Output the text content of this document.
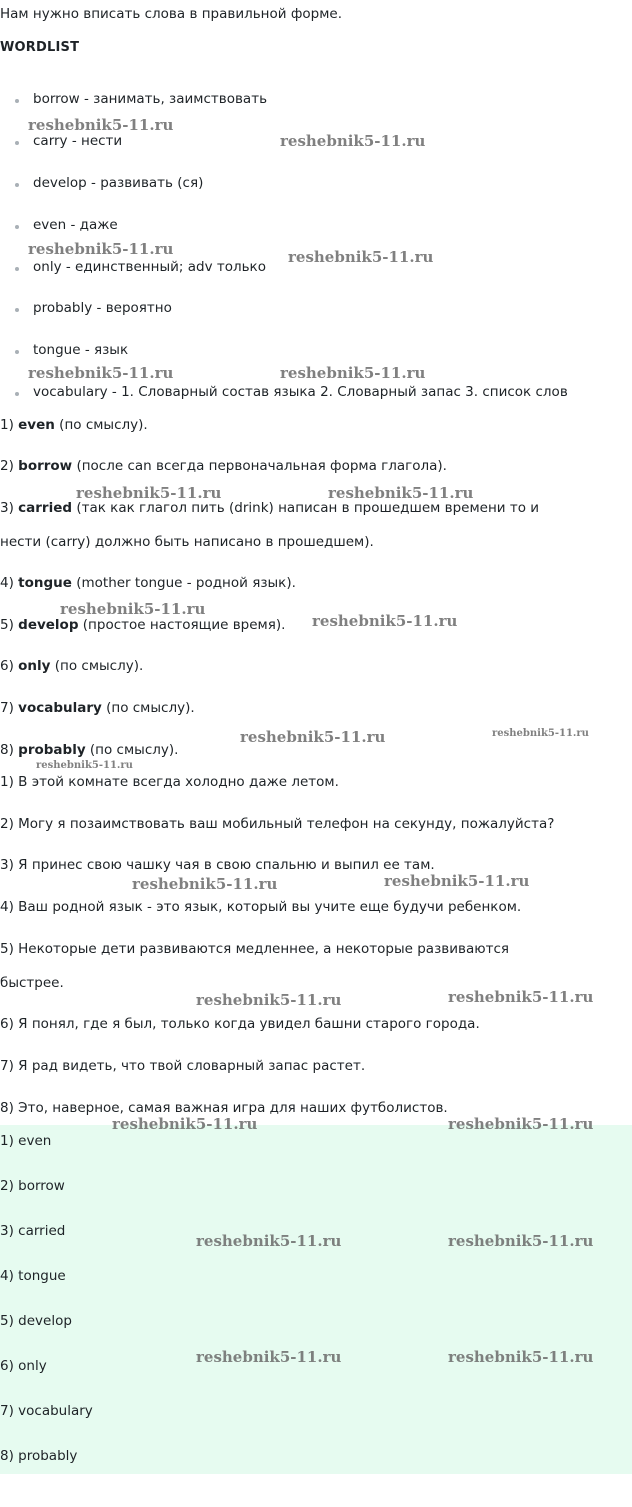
Нам нужно вписать слова в правильной форме.
WORDLIST
borrow - занимать, заимствовать
carry - нести
develop - развивать (ся)
even - даже
only - единственный; adv только
probably - вероятно
tongue - язык
vocabulary - 1. Словарный состав языка 2. Словарный запас 3. список слов
1) even (по смыслу).
2) borrow (после can всегда первоначальная форма глагола).
3) carried (так как глагол пить (drink) написан в прошедшем времени то и
нести (carry) должно быть написано в прошедшем).
4) tongue (mother tongue - родной язык).
5) develop (простое настоящие время).
6) only (по смыслу).
7) vocabulary (по смыслу).
8) probably (по смыслу).
1) В этой комнате всегда холодно даже летом.
2) Могу я позаимствовать ваш мобильный телефон на секунду, пожалуйста?
3) Я принес свою чашку чая в свою спальню и выпил ее там.
4) Ваш родной язык - это язык, который вы учите еще будучи ребенком.
5) Некоторые дети развиваются медленнее, а некоторые развиваются
быстрее.
6) Я понял, где я был, только когда увидел башни старого города.
7) Я рад видеть, что твой словарный запас растет.
8) Это, наверное, самая важная игра для наших футболистов.
1) even
2) borrow
3) carried
4) tongue
5) develop
6) only
7) vocabulary
8) probably
reshebnik5-11.ru
reshebnik5-11.ru
reshebnik5-11.ru	reshebnik5-11.ru
reshebnik5-11.ru	reshebnik5-11.ru
reshebnik5-11.ru	reshebnik5-11.ru
reshebnik5-11.ru
reshebnik5-11.ru
reshebnik5-11.ru	reshebnik5-11.ru
reshebnik5-11.ru
reshebnik5-11.ru	reshebnik5-11.ru
reshebnik5-11.ru	reshebnik5-11.ru
reshebnik5-11.ru	reshebnik5-11.ru
reshebnik5-11.ru	reshebnik5-11.ru
reshebnik5-11.ru	reshebnik5-11.ru
